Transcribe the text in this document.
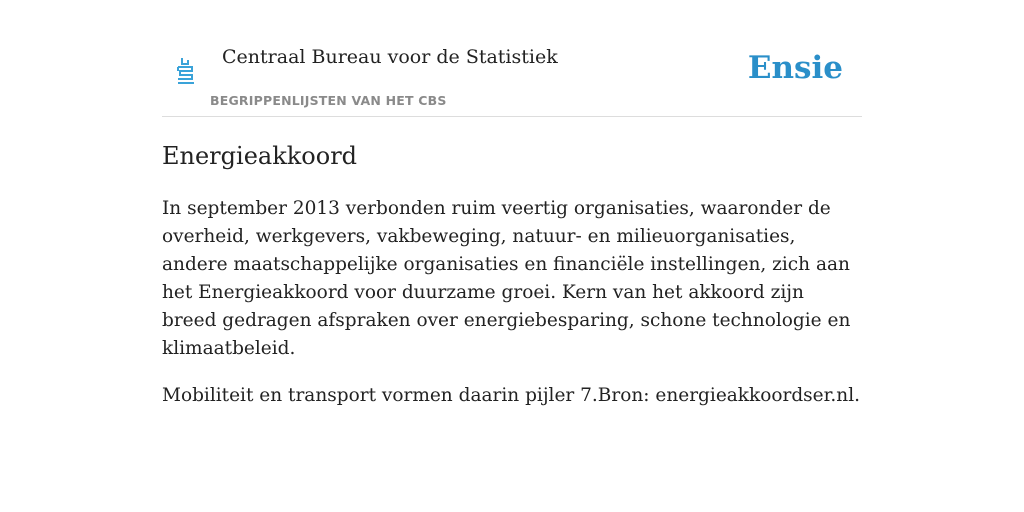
Centraal Bureau voor de Statistiek
BEGRIPPENLIJSTEN VAN HET CBS
Ensie
Energieakkoord

In september 2013 verbonden ruim veertig organisaties, waaronder de overheid, werkgevers, vakbeweging, natuur- en milieuorganisaties, andere maatschappelijke organisaties en financiële instellingen, zich aan het Energieakkoord voor duurzame groei. Kern van het akkoord zijn breed gedragen afspraken over energiebesparing, schone technologie en klimaatbeleid.

Mobiliteit en transport vormen daarin pijler 7.Bron: energieakkoordser.nl.
